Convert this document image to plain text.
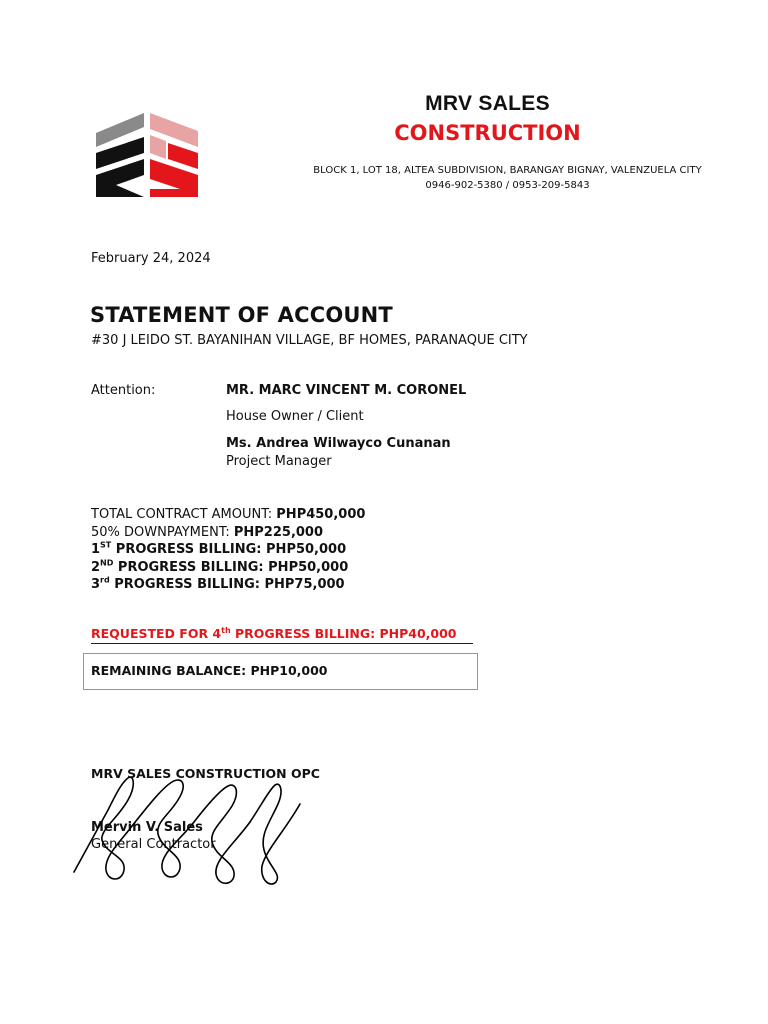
MRV SALES
CONSTRUCTION
BLOCK 1, LOT 18, ALTEA SUBDIVISION, BARANGAY BIGNAY, VALENZUELA CITY
0946-902-5380 / 0953-209-5843
February 24, 2024
STATEMENT OF ACCOUNT
#30 J LEIDO ST. BAYANIHAN VILLAGE, BF HOMES, PARANAQUE CITY
Attention:	MR. MARC VINCENT M. CORONEL
House Owner / Client
Ms. Andrea Wilwayco Cunanan
Project Manager
TOTAL CONTRACT AMOUNT: PHP450,000
50% DOWNPAYMENT: PHP225,000
1ST PROGRESS BILLING: PHP50,000
2ND PROGRESS BILLING: PHP50,000
3rd PROGRESS BILLING: PHP75,000
REQUESTED FOR 4th PROGRESS BILLING: PHP40,000
REMAINING BALANCE: PHP10,000
MRV SALES CONSTRUCTION OPC
Mervin V. Sales
General Contractor
